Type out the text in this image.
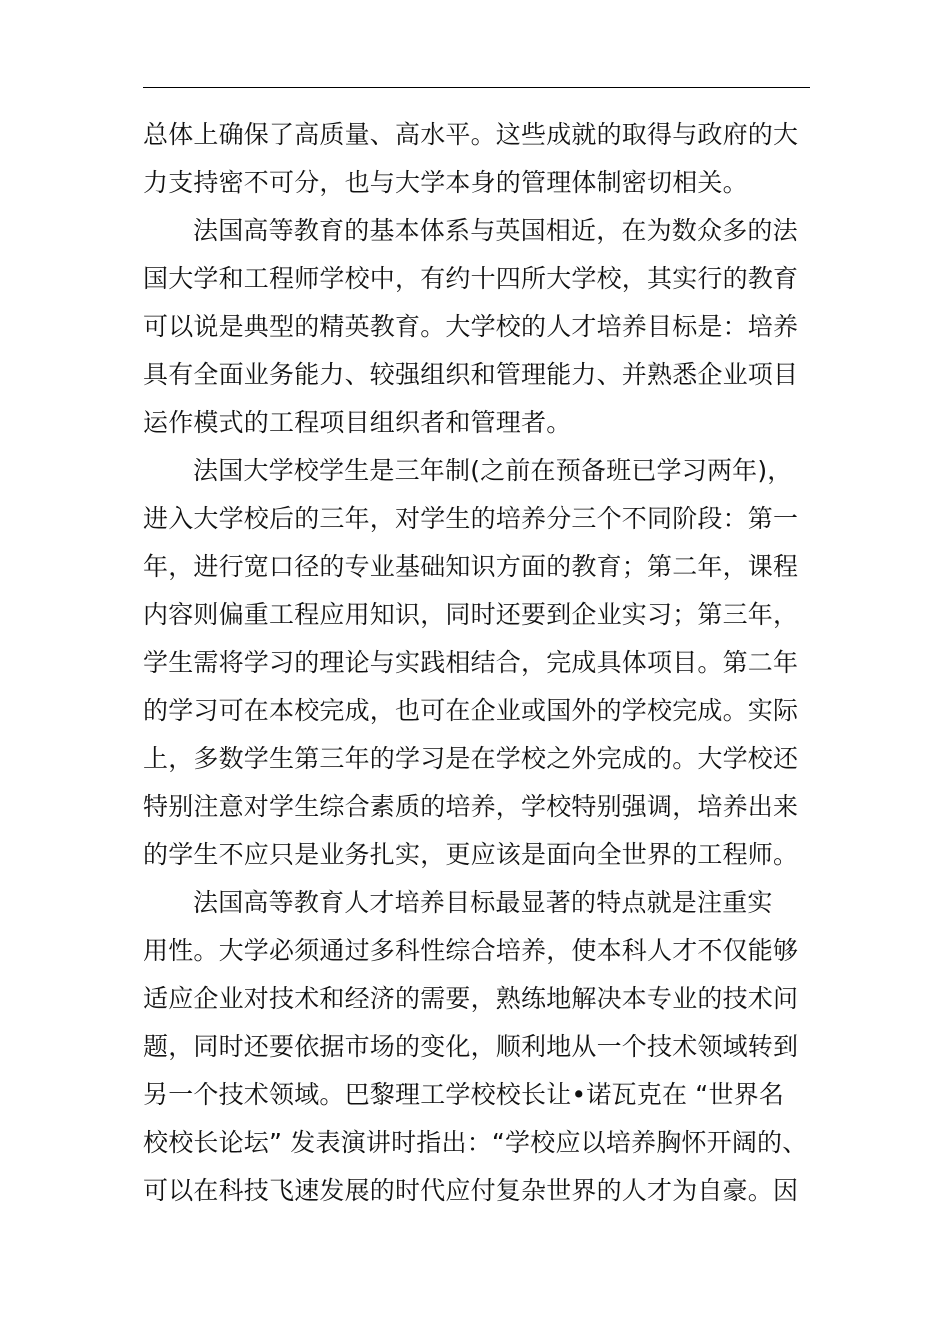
总体上确保了高质量、高水平。这些成就的取得与政府的大
力支持密不可分，也与大学本身的管理体制密切相关。
法国高等教育的基本体系与英国相近，在为数众多的法
国大学和工程师学校中，有约十四所大学校，其实行的教育
可以说是典型的精英教育。大学校的人才培养目标是：培养
具有全面业务能力、较强组织和管理能力、并熟悉企业项目
运作模式的工程项目组织者和管理者。
法国大学校学生是三年制(之前在预备班已学习两年)，
进入大学校后的三年，对学生的培养分三个不同阶段：第一
年，进行宽口径的专业基础知识方面的教育；第二年，课程
内容则偏重工程应用知识，同时还要到企业实习；第三年，
学生需将学习的理论与实践相结合，完成具体项目。第二年
的学习可在本校完成，也可在企业或国外的学校完成。实际
上，多数学生第三年的学习是在学校之外完成的。大学校还
特别注意对学生综合素质的培养，学校特别强调，培养出来
的学生不应只是业务扎实，更应该是面向全世界的工程师。
法国高等教育人才培养目标最显著的特点就是注重实
用性。大学必须通过多科性综合培养，使本科人才不仅能够
适应企业对技术和经济的需要，熟练地解决本专业的技术问
题，同时还要依据市场的变化，顺利地从一个技术领域转到
另一个技术领域。巴黎理工学校校长让•诺瓦克在 “世界名
校校长论坛” 发表演讲时指出：“学校应以培养胸怀开阔的、
可以在科技飞速发展的时代应付复杂世界的人才为自豪。因
